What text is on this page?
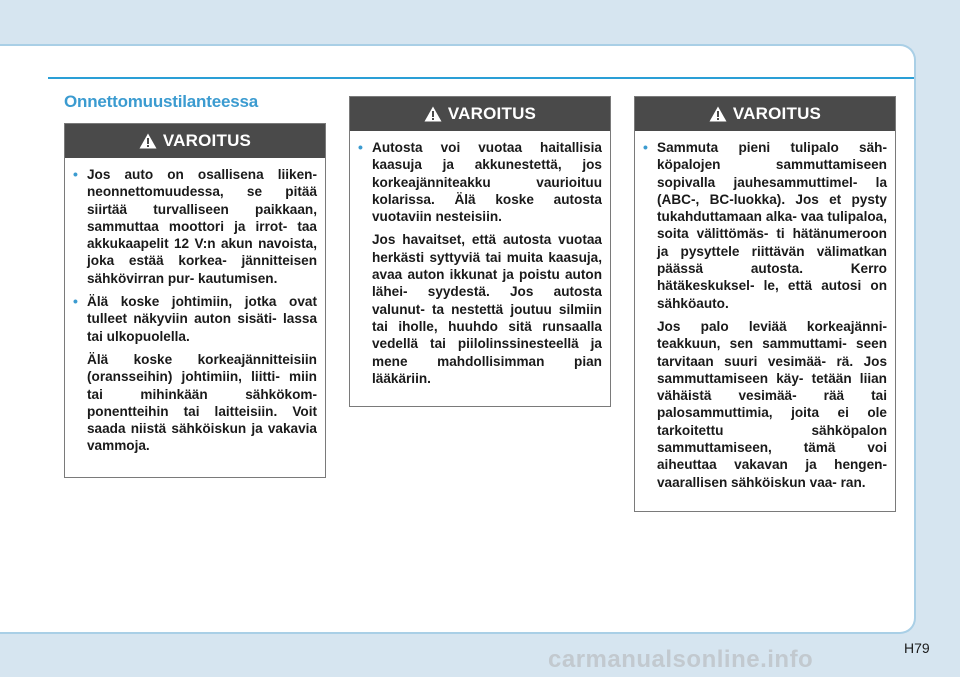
Onnettomuustilanteessa
VAROITUS
• Jos auto on osallisena liiken- neonnettomuudessa, se pitää siirtää turvalliseen paikkaan, sammuttaa moottori ja irrot- taa akkukaapelit 12 V:n akun navoista, joka estää korkea- jännitteisen sähkövirran pur- kautumisen.
• Älä koske johtimiin, jotka ovat tulleet näkyviin auton sisäti- lassa tai ulkopuolella.
Älä koske korkeajännitteisiin (oransseihin) johtimiin, liitti- miin tai mihinkään sähkökom- ponentteihin tai laitteisiin. Voit saada niistä sähköiskun ja vakavia vammoja.
VAROITUS
• Autosta voi vuotaa haitallisia kaasuja ja akkunestettä, jos korkeajänniteakku vaurioituu kolarissa. Älä koske autosta vuotaviin nesteisiin.
Jos havaitset, että autosta vuotaa herkästi syttyviä tai muita kaasuja, avaa auton ikkunat ja poistu auton lähei- syydestä. Jos autosta valunut- ta nestettä joutuu silmiin tai iholle, huuhdo sitä runsaalla vedellä tai piilolinssinesteellä ja mene mahdollisimman pian lääkäriin.
VAROITUS
• Sammuta pieni tulipalo säh- köpalojen sammuttamiseen sopivalla jauhesammuttimel- la (ABC-, BC-luokka). Jos et pysty tukahduttamaan alka- vaa tulipaloa, soita välittömäs- ti hätänumeroon ja pysyttele riittävän välimatkan päässä autosta. Kerro hätäkeskuksel- le, että autosi on sähköauto.
Jos palo leviää korkeajänni- teakkuun, sen sammuttami- seen tarvitaan suuri vesimää- rä. Jos sammuttamiseen käy- tetään liian vähäistä vesimää- rää tai palosammuttimia, joita ei ole tarkoitettu sähköpalon sammuttamiseen, tämä voi aiheuttaa vakavan ja hengen- vaarallisen sähköiskun vaa- ran.
H79
carmanualsonline.info
